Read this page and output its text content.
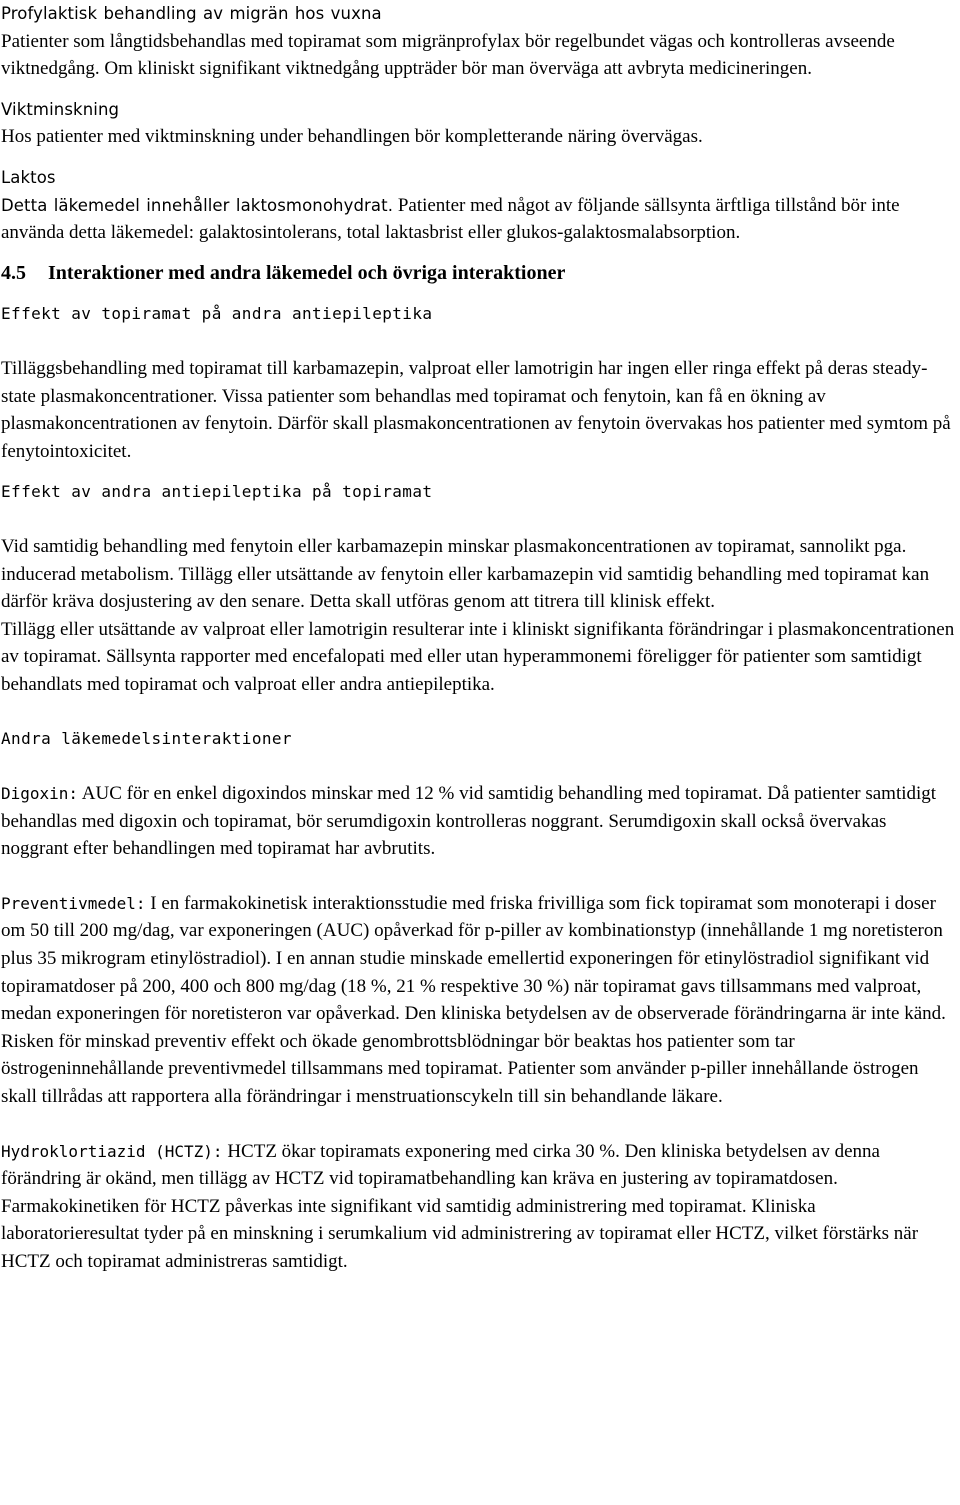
Profylaktisk behandling av migrän hos vuxna

Patienter som långtidsbehandlas med topiramat som migränprofylax bör regelbundet vägas och kontrolleras avseende viktnedgång. Om kliniskt signifikant viktnedgång uppträder bör man överväga att avbryta medicineringen.

Viktminskning

Hos patienter med viktminskning under behandlingen bör kompletterande näring övervägas.

Laktos

Detta läkemedel innehåller laktosmonohydrat. Patienter med något av följande sällsynta ärftliga tillstånd bör inte använda detta läkemedel: galaktosintolerans, total laktasbrist eller glukos-galaktosmalabsorption.

4.5 Interaktioner med andra läkemedel och övriga interaktioner

Effekt av topiramat på andra antiepileptika

Tilläggsbehandling med topiramat till karbamazepin, valproat eller lamotrigin har ingen eller ringa effekt på deras steady-state plasmakoncentrationer. Vissa patienter som behandlas med topiramat och fenytoin, kan få en ökning av plasmakoncentrationen av fenytoin. Därför skall plasmakoncentrationen av fenytoin övervakas hos patienter med symtom på fenytointoxicitet.

Effekt av andra antiepileptika på topiramat

Vid samtidig behandling med fenytoin eller karbamazepin minskar plasmakoncentrationen av topiramat, sannolikt pga. inducerad metabolism. Tillägg eller utsättande av fenytoin eller karbamazepin vid samtidig behandling med topiramat kan därför kräva dosjustering av den senare. Detta skall utföras genom att titrera till klinisk effekt.

Tillägg eller utsättande av valproat eller lamotrigin resulterar inte i kliniskt signifikanta förändringar i plasmakoncentrationen av topiramat. Sällsynta rapporter med encefalopati med eller utan hyperammonemi föreligger för patienter som samtidigt behandlats med topiramat och valproat eller andra antiepileptika.

Andra läkemedelsinteraktioner

Digoxin: AUC för en enkel digoxindos minskar med 12 % vid samtidig behandling med topiramat. Då patienter samtidigt behandlas med digoxin och topiramat, bör serumdigoxin kontrolleras noggrant. Serumdigoxin skall också övervakas noggrant efter behandlingen med topiramat har avbrutits.

Preventivmedel: I en farmakokinetisk interaktionsstudie med friska frivilliga som fick topiramat som monoterapi i doser om 50 till 200 mg/dag, var exponeringen (AUC) opåverkad för p-piller av kombinationstyp (innehållande 1 mg noretisteron plus 35 mikrogram etinylöstradiol). I en annan studie minskade emellertid exponeringen för etinylöstradiol signifikant vid topiramatdoser på 200, 400 och 800 mg/dag (18 %, 21 % respektive 30 %) när topiramat gavs tillsammans med valproat, medan exponeringen för noretisteron var opåverkad. Den kliniska betydelsen av de observerade förändringarna är inte känd. Risken för minskad preventiv effekt och ökade genombrottsblödningar bör beaktas hos patienter som tar östrogeninnehållande preventivmedel tillsammans med topiramat. Patienter som använder p-piller innehållande östrogen skall tillrådas att rapportera alla förändringar i menstruationscykeln till sin behandlande läkare.

Hydroklortiazid (HCTZ): HCTZ ökar topiramats exponering med cirka 30 %. Den kliniska betydelsen av denna förändring är okänd, men tillägg av HCTZ vid topiramatbehandling kan kräva en justering av topiramatdosen. Farmakokinetiken för HCTZ påverkas inte signifikant vid samtidig administrering med topiramat. Kliniska laboratorieresultat tyder på en minskning i serumkalium vid administrering av topiramat eller HCTZ, vilket förstärks när HCTZ och topiramat administreras samtidigt.
